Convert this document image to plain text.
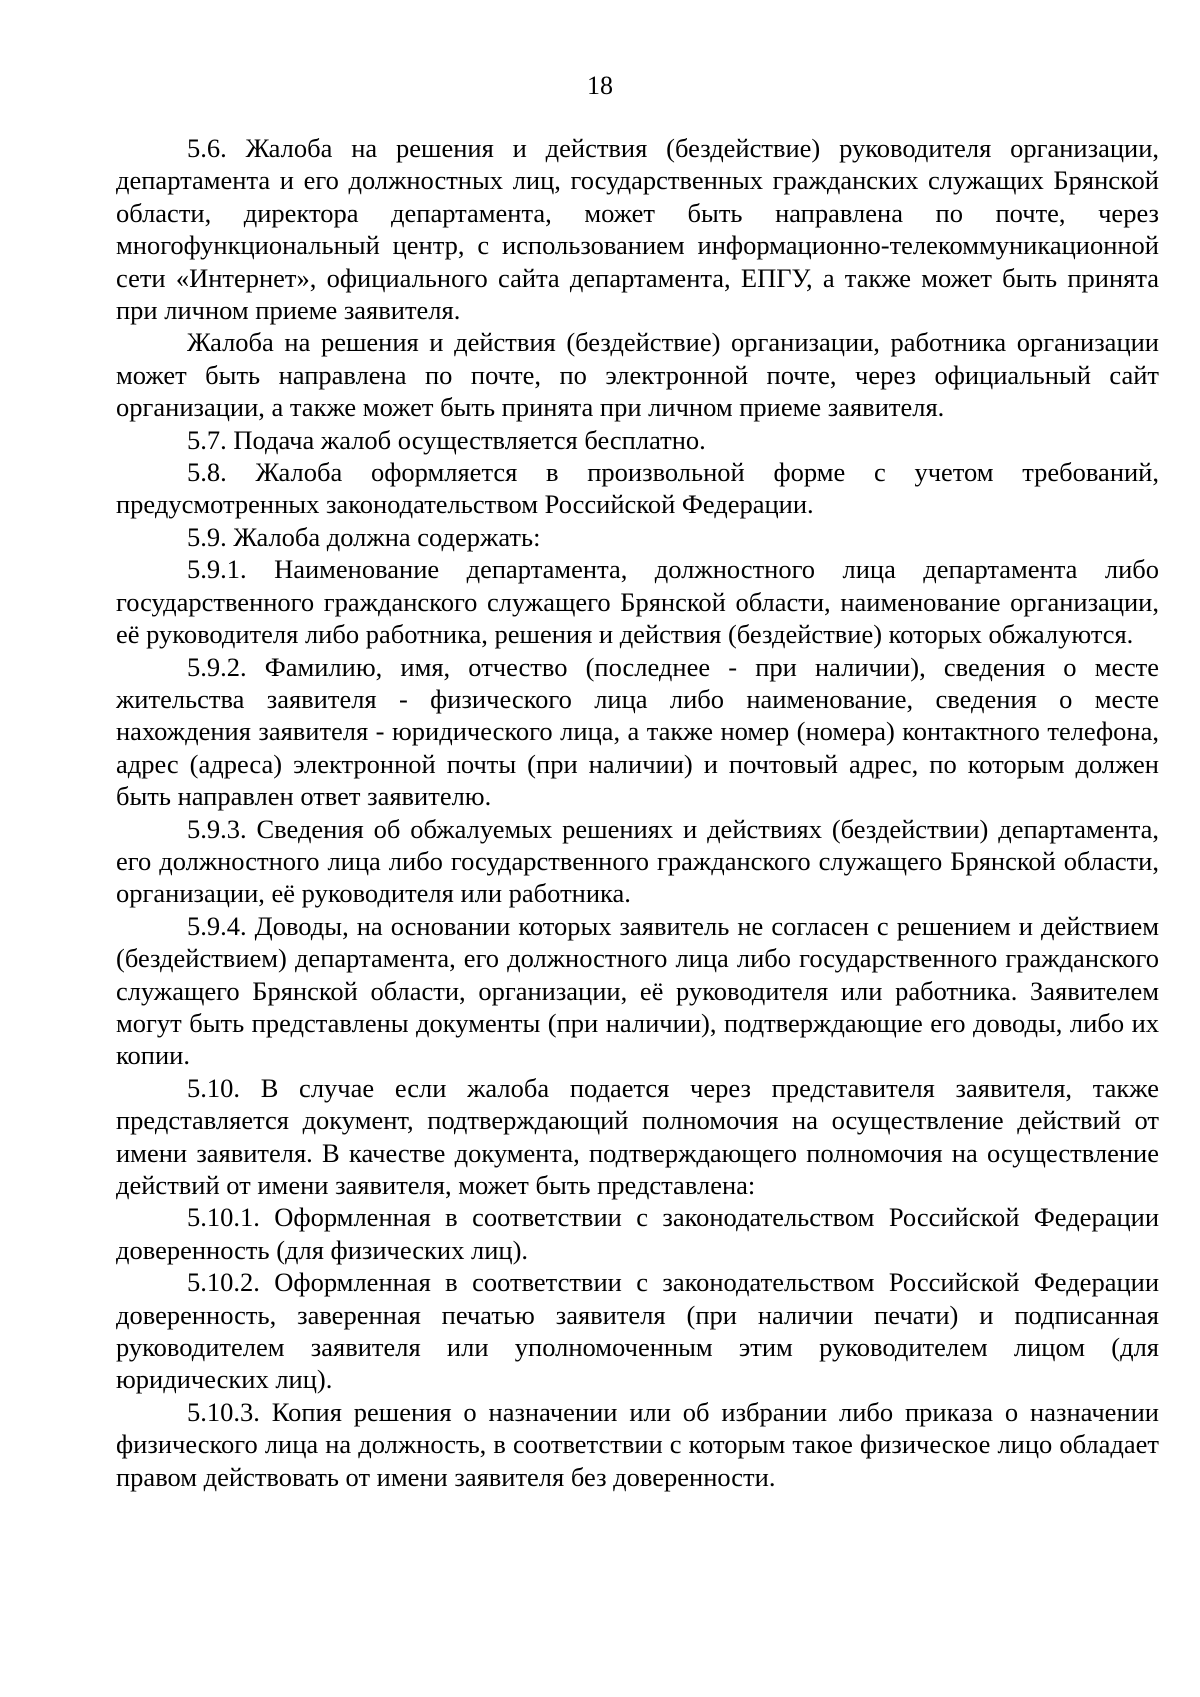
18

5.6. Жалоба на решения и действия (бездействие) руководителя организации, департамента и его должностных лиц, государственных гражданских служащих Брянской области, директора департамента, может быть направлена по почте, через многофункциональный центр, с использованием информационно-телекоммуникационной сети «Интернет», официального сайта департамента, ЕПГУ, а также может быть принята при личном приеме заявителя.

Жалоба на решения и действия (бездействие) организации, работника организации может быть направлена по почте, по электронной почте, через официальный сайт организации, а также может быть принята при личном приеме заявителя.

5.7. Подача жалоб осуществляется бесплатно.

5.8. Жалоба оформляется в произвольной форме с учетом требований, предусмотренных законодательством Российской Федерации.

5.9. Жалоба должна содержать:

5.9.1. Наименование департамента, должностного лица департамента либо государственного гражданского служащего Брянской области, наименование организации, её руководителя либо работника, решения и действия (бездействие) которых обжалуются.

5.9.2. Фамилию, имя, отчество (последнее - при наличии), сведения о месте жительства заявителя - физического лица либо наименование, сведения о месте нахождения заявителя - юридического лица, а также номер (номера) контактного телефона, адрес (адреса) электронной почты (при наличии) и почтовый адрес, по которым должен быть направлен ответ заявителю.

5.9.3. Сведения об обжалуемых решениях и действиях (бездействии) департамента, его должностного лица либо государственного гражданского служащего Брянской области, организации, её руководителя или работника.

5.9.4. Доводы, на основании которых заявитель не согласен с решением и действием (бездействием) департамента, его должностного лица либо государственного гражданского служащего Брянской области, организации, её руководителя или работника. Заявителем могут быть представлены документы (при наличии), подтверждающие его доводы, либо их копии.

5.10. В случае если жалоба подается через представителя заявителя, также представляется документ, подтверждающий полномочия на осуществление действий от имени заявителя. В качестве документа, подтверждающего полномочия на осуществление действий от имени заявителя, может быть представлена:

5.10.1. Оформленная в соответствии с законодательством Российской Федерации доверенность (для физических лиц).

5.10.2. Оформленная в соответствии с законодательством Российской Федерации доверенность, заверенная печатью заявителя (при наличии печати) и подписанная руководителем заявителя или уполномоченным этим руководителем лицом (для юридических лиц).

5.10.3. Копия решения о назначении или об избрании либо приказа о назначении физического лица на должность, в соответствии с которым такое физическое лицо обладает правом действовать от имени заявителя без доверенности.
